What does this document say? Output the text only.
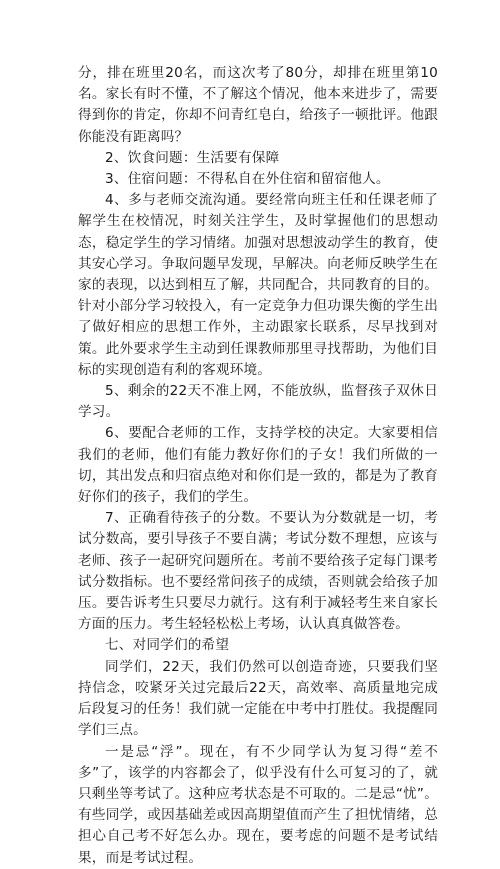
分，排在班里20名，而这次考了80分，却排在班里第10名。家长有时不懂，不了解这个情况，他本来进步了，需要得到你的肯定，你却不问青红皂白，给孩子一顿批评。他跟你能没有距离吗？

2、饮食问题：生活要有保障

3、住宿问题：不得私自在外住宿和留宿他人。

4、多与老师交流沟通。要经常向班主任和任课老师了解学生在校情况，时刻关注学生，及时掌握他们的思想动态，稳定学生的学习情绪。加强对思想波动学生的教育，使其安心学习。争取问题早发现，早解决。向老师反映学生在家的表现，以达到相互了解，共同配合，共同教育的目的。针对小部分学习较投入，有一定竞争力但功课失衡的学生出了做好相应的思想工作外，主动跟家长联系，尽早找到对策。此外要求学生主动到任课教师那里寻找帮助，为他们目标的实现创造有利的客观环境。

5、剩余的22天不准上网，不能放纵，监督孩子双休日学习。

6、要配合老师的工作，支持学校的决定。大家要相信我们的老师，他们有能力教好你们的子女！我们所做的一切，其出发点和归宿点绝对和你们是一致的，都是为了教育好你们的孩子，我们的学生。

7、正确看待孩子的分数。不要认为分数就是一切，考试分数高，要引导孩子不要自满；考试分数不理想，应该与老师、孩子一起研究问题所在。考前不要给孩子定每门课考试分数指标。也不要经常问孩子的成绩，否则就会给孩子加压。要告诉考生只要尽力就行。这有利于减轻考生来自家长方面的压力。考生轻轻松松上考场，认认真真做答卷。

七、对同学们的希望

同学们，22天，我们仍然可以创造奇迹，只要我们坚持信念，咬紧牙关过完最后22天，高效率、高质量地完成后段复习的任务！我们就一定能在中考中打胜仗。我提醒同学们三点。

一是忌“浮”。现在，有不少同学认为复习得“差不多”了，该学的内容都会了，似乎没有什么可复习的了，就只剩坐等考试了。这种应考状态是不可取的。二是忌“忧”。有些同学，或因基础差或因高期望值而产生了担忧情绪，总担心自己考不好怎么办。现在，要考虑的问题不是考试结果，而是考试过程。
